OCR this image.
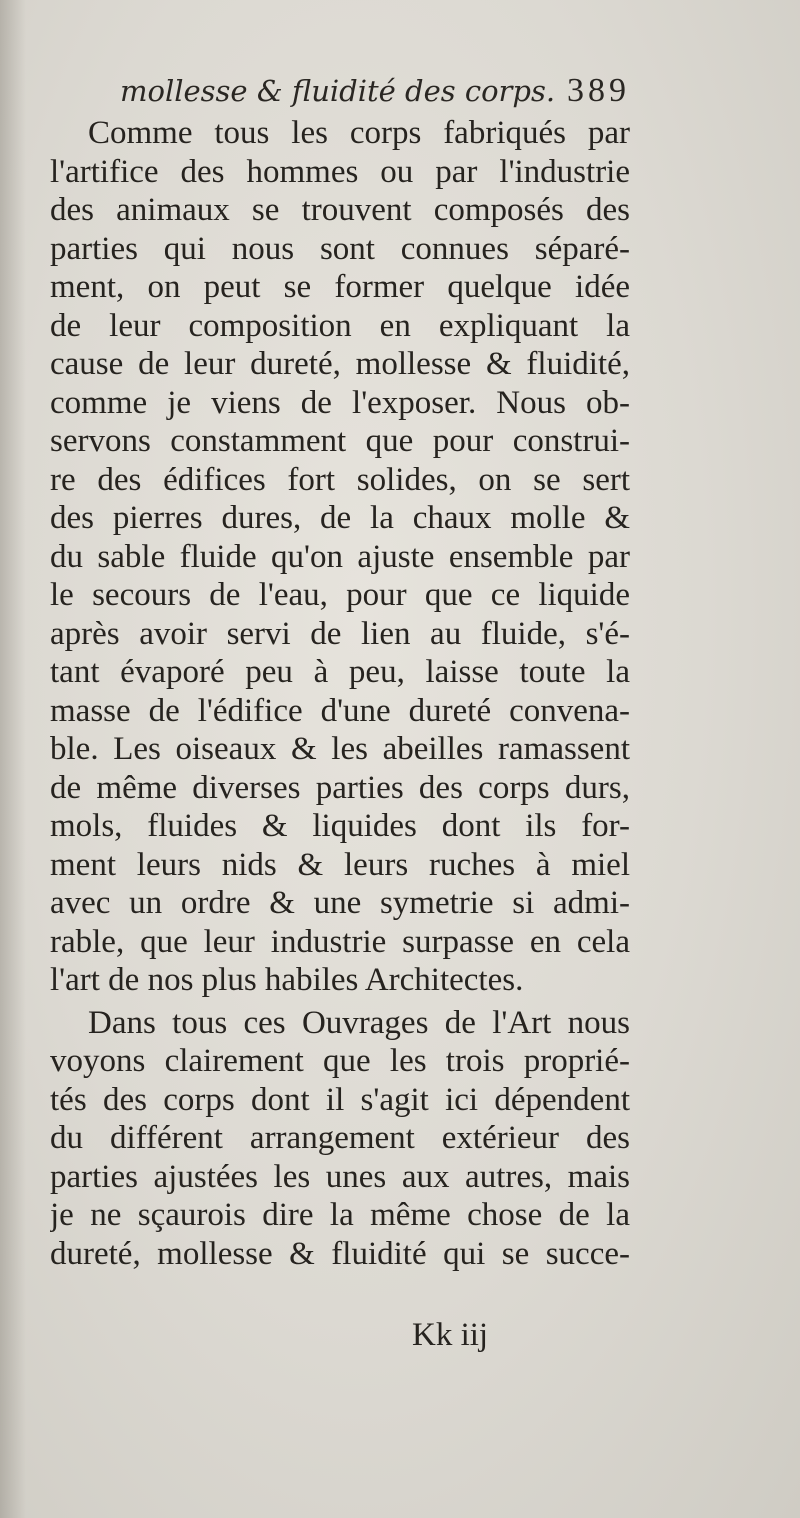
mollesse & fluidité des corps. 389
Comme tous les corps fabriqués par
l'artifice des hommes ou par l'industrie
des animaux se trouvent composés des
parties qui nous sont connues séparé-
ment, on peut se former quelque idée
de leur composition en expliquant la
cause de leur dureté, mollesse & fluidité,
comme je viens de l'exposer. Nous ob-
servons constamment que pour construi-
re des édifices fort solides, on se sert
des pierres dures, de la chaux molle &
du sable fluide qu'on ajuste ensemble par
le secours de l'eau, pour que ce liquide
après avoir servi de lien au fluide, s'é-
tant évaporé peu à peu, laisse toute la
masse de l'édifice d'une dureté convena-
ble. Les oiseaux & les abeilles ramassent
de même diverses parties des corps durs,
mols, fluides & liquides dont ils for-
ment leurs nids & leurs ruches à miel
avec un ordre & une symetrie si admi-
rable, que leur industrie surpasse en cela
l'art de nos plus habiles Architectes.
Dans tous ces Ouvrages de l'Art nous
voyons clairement que les trois proprié-
tés des corps dont il s'agit ici dépendent
du différent arrangement extérieur des
parties ajustées les unes aux autres, mais
je ne sçaurois dire la même chose de la
dureté, mollesse & fluidité qui se succe-
Kk iij
